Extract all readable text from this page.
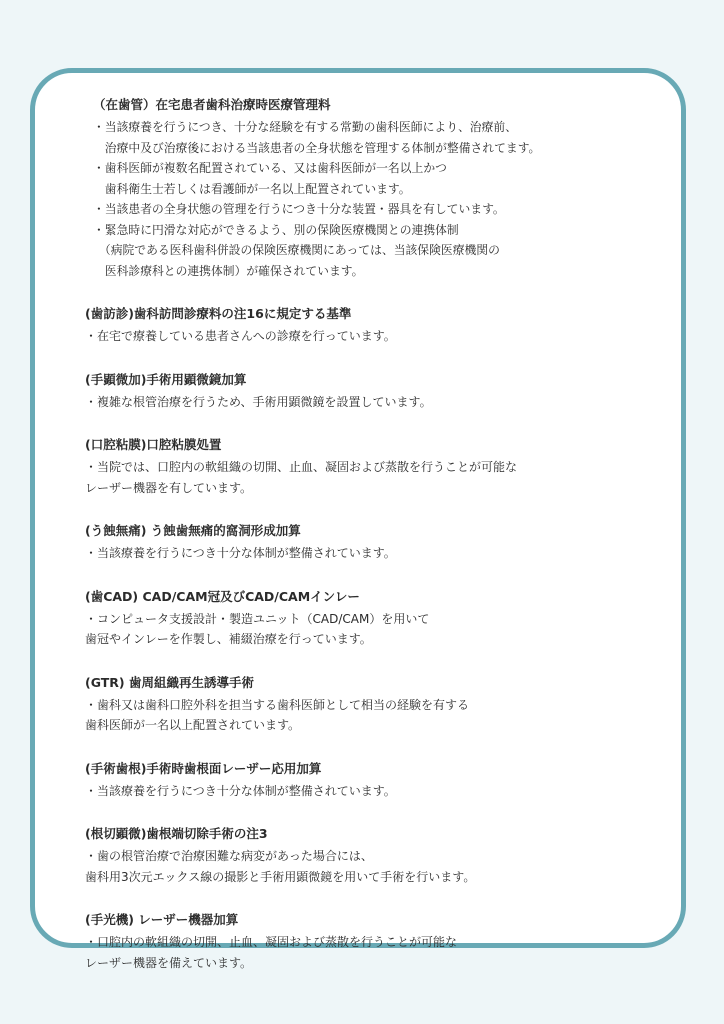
（在歯管）在宅患者歯科治療時医療管理料
・当該療養を行うにつき、十分な経験を有する常勤の歯科医師により、治療前、
　治療中及び治療後における当該患者の全身状態を管理する体制が整備されてます。
・歯科医師が複数名配置されている、又は歯科医師が一名以上かつ
　歯科衛生士若しくは看護師が一名以上配置されています。
・当該患者の全身状態の管理を行うにつき十分な装置・器具を有しています。
・緊急時に円滑な対応ができるよう、別の保険医療機関との連携体制
　（病院である医科歯科併設の保険医療機関にあっては、当該保険医療機関の
　医科診療科との連携体制）が確保されています。
(歯訪診)歯科訪問診療料の注16に規定する基準
・在宅で療養している患者さんへの診療を行っています。
(手顕微加)手術用顕微鏡加算
・複雑な根管治療を行うため、手術用顕微鏡を設置しています。
(口腔粘膜)口腔粘膜処置
・当院では、口腔内の軟組織の切開、止血、凝固および蒸散を行うことが可能な
レーザー機器を有しています。
(う蝕無痛) う蝕歯無痛的窩洞形成加算
・当該療養を行うにつき十分な体制が整備されています。
(歯CAD) CAD/CAM冠及びCAD/CAMインレー
・コンピュータ支援設計・製造ユニット（CAD/CAM）を用いて
歯冠やインレーを作製し、補綴治療を行っています。
(GTR) 歯周組織再生誘導手術
・歯科又は歯科口腔外科を担当する歯科医師として相当の経験を有する
歯科医師が一名以上配置されています。
(手術歯根)手術時歯根面レーザー応用加算
・当該療養を行うにつき十分な体制が整備されています。
(根切顕微)歯根端切除手術の注3
・歯の根管治療で治療困難な病変があった場合には、
歯科用3次元エックス線の撮影と手術用顕微鏡を用いて手術を行います。
(手光機) レーザー機器加算
・口腔内の軟組織の切開、止血、凝固および蒸散を行うことが可能な
レーザー機器を備えています。
